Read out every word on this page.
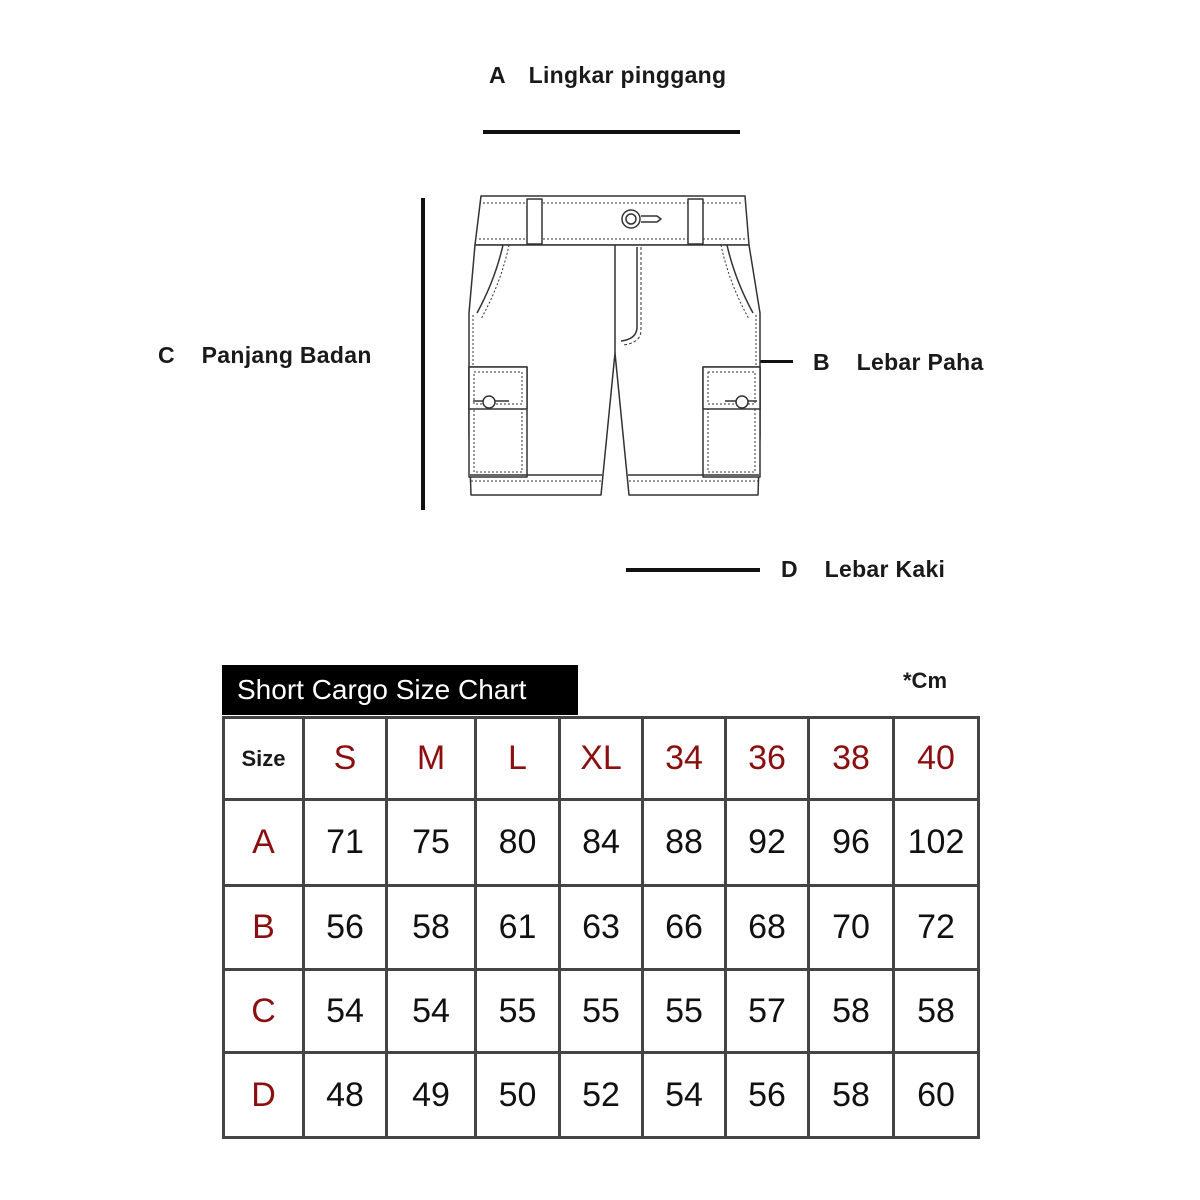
A Lingkar pinggang
C Panjang Badan	B Lebar Paha
D Lebar Kaki
Short Cargo Size Chart	*Cm
Size	S	M	L	XL	34	36	38	40
A	71	75	80	84	88	92	96	102
B	56	58	61	63	66	68	70	72
C	54	54	55	55	55	57	58	58
D	48	49	50	52	54	56	58	60
